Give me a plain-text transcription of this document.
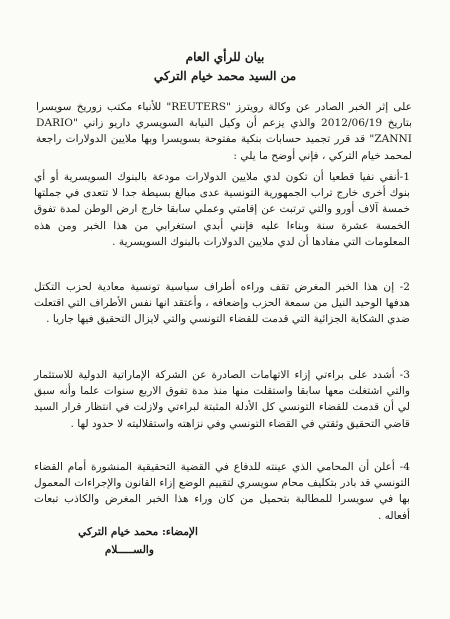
بيان للرأي العام
من السيد محمد خيام التركي
على إثر الخبر الصادر عن وكالة رويترز "REUTERS" للأنباء مكتب زوريخ سويسرا بتاريخ 2012/06/19 والذي يزعم أن وكيل النيابة السويسري داريو زاني "DARIO ZANNI" قد قرر تجميد حسابات بنكية مفتوحة بسويسرا وبها ملايين الدولارات راجعة لمحمد خيام التركي ، فإني أوضح ما يلي :
1-أنفي نفيا قطعيا أن تكون لدي ملايين الدولارات مودعة بالبنوك السويسرية أو أي بنوك أخرى خارج تراب الجمهورية التونسية عدى مبالغ بسيطة جدا لا تتعدى في جملتها خمسة آلاف أورو والتي ترتبت عن إقامتي وعملي سابقا خارج ارض الوطن لمدة تفوق الخمسة عشرة سنة وبناءا عليه فإنني أبدي استغرابي من هذا الخبر ومن هذه المعلومات التي مفادها أن لدي ملايين الدولارات بالبنوك السويسرية .
2- إن هذا الخبر المغرض تقف وراءه أطراف سياسية تونسية معادية لحزب التكتل هدفها الوحيد النيل من سمعة الحزب وإضعافه ، وأعتقد انها نفس الأطراف التي اقتعلت ضدي الشكاية الجزائية التي قدمت للقضاء التونسي والتي لايزال التحقيق فيها جاريا .
3- أشدد على براءتي إزاء الاتهامات الصادرة عن الشركة الإماراتية الدولية للاستثمار والتي اشتغلت معها سابقا واستقلت منها منذ مدة تفوق الاربع سنوات علما وأنه سبق لي أن قدمت للقضاء التونسي كل الأدلة المثبتة لبراءتي ولازلت في انتظار قرار السيد قاضي التحقيق وثقتي في القضاء التونسي وفي نزاهته واستقلاليته لا حدود لها .
4- أعلن أن المحامي الذي عينته للدفاع في القضية التحقيقية المنشورة أمام القضاء التونسي قد بادر بتكليف محام سويسري لتقييم الوضع إزاء القانون والإجراءات المعمول بها في سويسرا للمطالبة بتحميل من كان وراء هذا الخبر المغرض والكاذب تبعات أفعاله .
الإمضاء: محمد خيام التركي
والســـــلام
